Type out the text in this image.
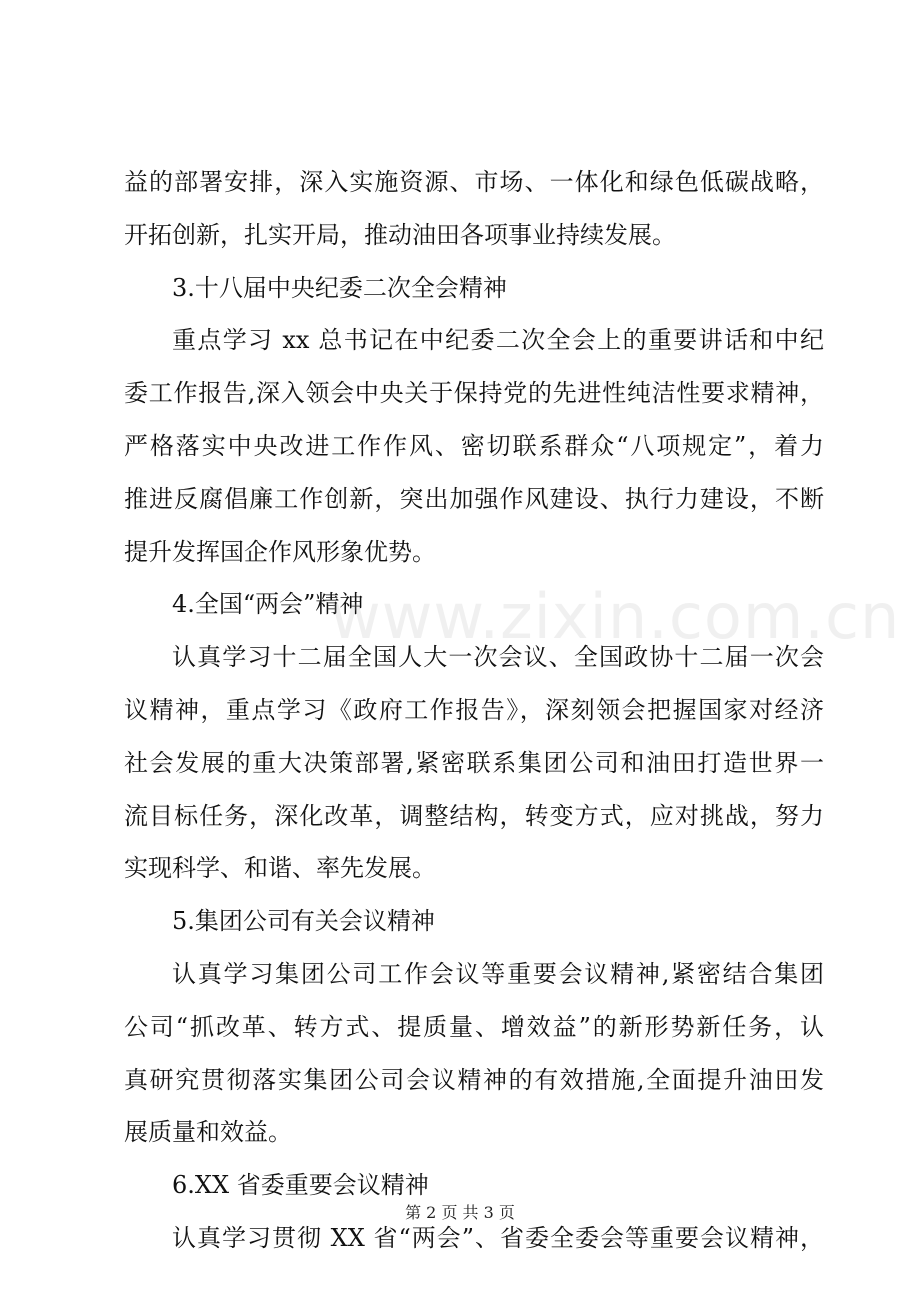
益的部署安排，深入实施资源、市场、一体化和绿色低碳战略，
开拓创新，扎实开局，推动油田各项事业持续发展。
3.十八届中央纪委二次全会精神
重点学习 xx 总书记在中纪委二次全会上的重要讲话和中纪
委工作报告,深入领会中央关于保持党的先进性纯洁性要求精神，
严格落实中央改进工作作风、密切联系群众“八项规定”，着力
推进反腐倡廉工作创新，突出加强作风建设、执行力建设，不断
提升发挥国企作风形象优势。
4.全国“两会”精神
认真学习十二届全国人大一次会议、全国政协十二届一次会
议精神，重点学习《政府工作报告》，深刻领会把握国家对经济
社会发展的重大决策部署,紧密联系集团公司和油田打造世界一
流目标任务，深化改革，调整结构，转变方式，应对挑战，努力
实现科学、和谐、率先发展。
5.集团公司有关会议精神
认真学习集团公司工作会议等重要会议精神,紧密结合集团
公司“抓改革、转方式、提质量、增效益”的新形势新任务，认
真研究贯彻落实集团公司会议精神的有效措施,全面提升油田发
展质量和效益。
6.XX 省委重要会议精神
认真学习贯彻 XX 省“两会”、省委全委会等重要会议精神，
www.zixin.com.cn
第 2 页 共 3 页
